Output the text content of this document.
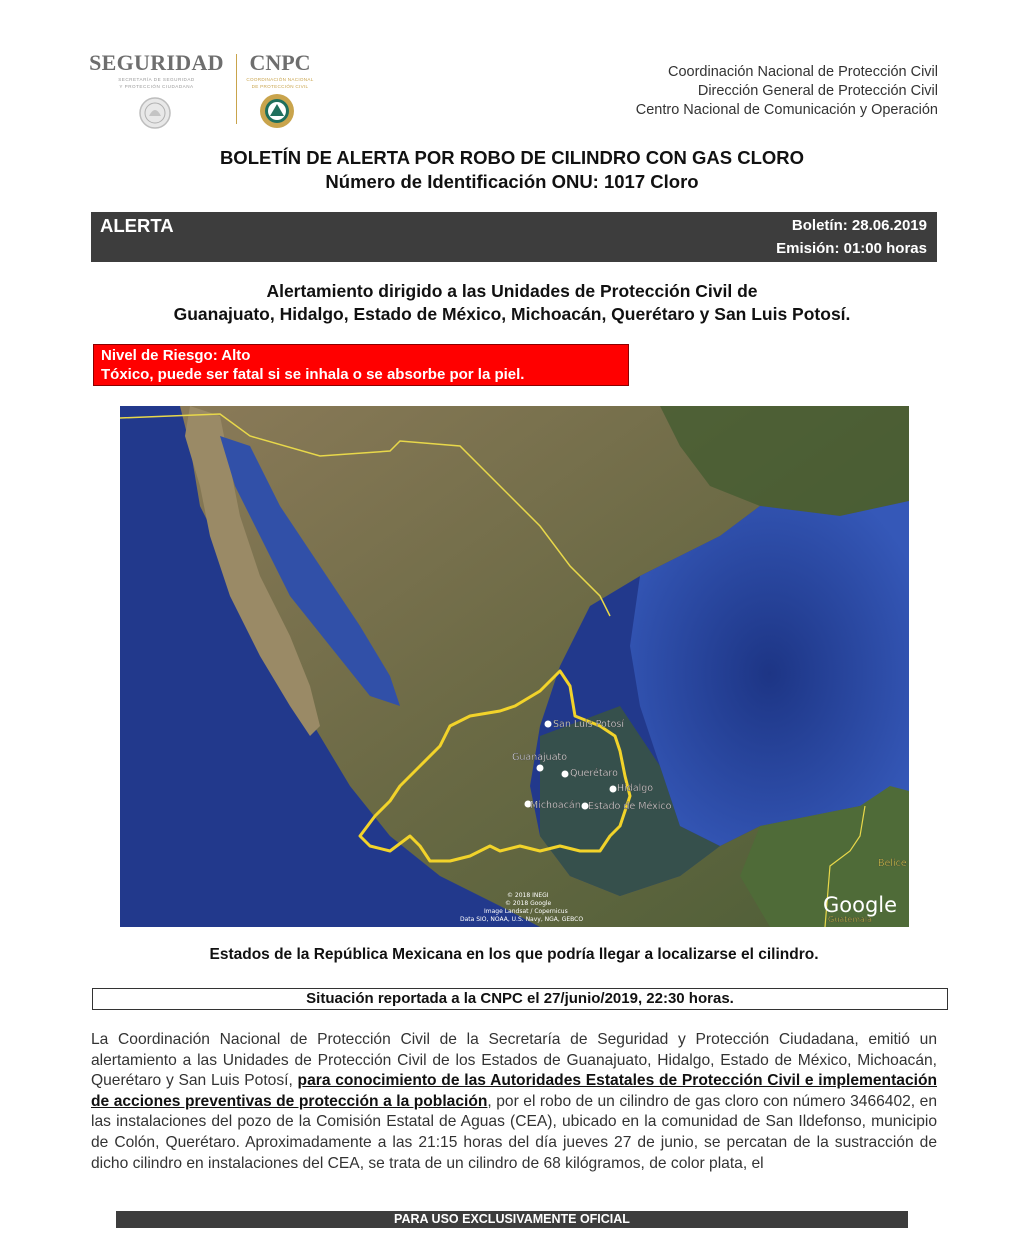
SEGURIDAD
SECRETARÍA DE SEGURIDAD
Y PROTECCIÓN CIUDADANA
CNPC
COORDINACIÓN NACIONAL
DE PROTECCIÓN CIVIL
Coordinación Nacional de Protección Civil
Dirección General de Protección Civil
Centro Nacional de Comunicación y Operación
BOLETÍN DE ALERTA POR ROBO DE CILINDRO CON GAS CLORO
Número de Identificación ONU: 1017 Cloro
ALERTA	Boletín: 28.06.2019
Emisión: 01:00 horas
Alertamiento dirigido a las Unidades de Protección Civil de
Guanajuato, Hidalgo, Estado de México, Michoacán, Querétaro y San Luis Potosí.
Nivel de Riesgo: Alto
Tóxico, puede ser fatal si se inhala o se absorbe por la piel.
San Luis Potosí
Guanajuato
Querétaro
Hidalgo
Michoacán Estado de México
Belice
Guatemala
© 2018 INEGI
© 2018 Google
Image Landsat / Copernicus
Data SIO, NOAA, U.S. Navy, NGA, GEBCO
Google
Estados de la República Mexicana en los que podría llegar a localizarse el cilindro.
Situación reportada a la CNPC el 27/junio/2019, 22:30 horas.
La Coordinación Nacional de Protección Civil de la Secretaría de Seguridad y Protección Ciudadana, emitió un alertamiento a las Unidades de Protección Civil de los Estados de Guanajuato, Hidalgo, Estado de México, Michoacán, Querétaro y San Luis Potosí, para conocimiento de las Autoridades Estatales de Protección Civil e implementación de acciones preventivas de protección a la población, por el robo de un cilindro de gas cloro con número 3466402, en las instalaciones del pozo de la Comisión Estatal de Aguas (CEA), ubicado en la comunidad de San Ildefonso, municipio de Colón, Querétaro. Aproximadamente a las 21:15 horas del día jueves 27 de junio, se percatan de la sustracción de dicho cilindro en instalaciones del CEA, se trata de un cilindro de 68 kilógramos, de color plata, el
PARA USO EXCLUSIVAMENTE OFICIAL
